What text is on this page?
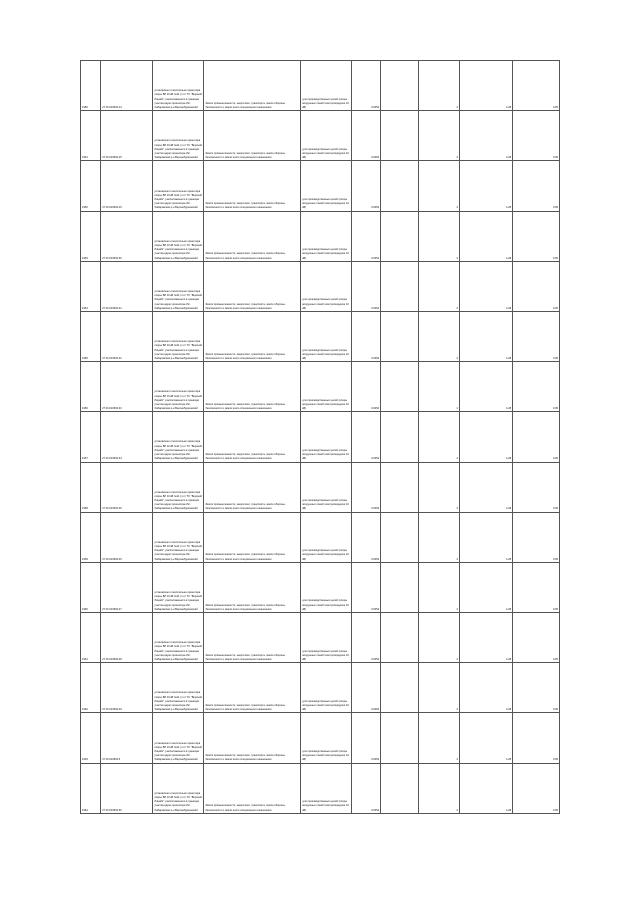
1950	27:01:010502:14	установлено относительно ориентира опоры ВЛ 10 кВ №11 (л от ТС "Верхний Лицайс", расположенного в границах участка адрес ориентира обл. Хабаровская р-н Верхнебуреинский	Земли промышленности, энергетики, транспорта, земли обороны, безопасности и земли иного специального назначения	для производственных целей (опоры воздушных линий электропередачи 10 кВ)	0.0054		4	4.28	0.05
1951	27:01:010502:15	установлено относительно ориентира опоры ВЛ 10 кВ №11 (л от ТС "Верхний Лицайс", расположенного в границах участка адрес ориентира обл. Хабаровская р-н Верхнебуреинский	Земли промышленности, энергетики, транспорта, земли обороны, безопасности и земли иного специального назначения	для производственных целей (опоры воздушных линий электропередачи 10 кВ)	0.0054		4	4.28	0.05
1952	27:01:010502:16	установлено относительно ориентира опоры ВЛ 10 кВ №11 (л от ТС "Верхний Лицайс", расположенного в границах участка адрес ориентира обл. Хабаровская р-н Верхнебуреинский	Земли промышленности, энергетики, транспорта, земли обороны, безопасности и земли иного специального назначения	для производственных целей (опоры воздушных линий электропередачи 10 кВ)	0.0054		4	4.28	0.05
1953	27:01:010502:20	установлено относительно ориентира опоры ВЛ 10 кВ №11 (л от ТС "Верхний Лицайс", расположенного в границах участка адрес ориентира обл. Хабаровская р-н Верхнебуреинский	Земли промышленности, энергетики, транспорта, земли обороны, безопасности и земли иного специального назначения	для производственных целей (опоры воздушных линий электропередачи 10 кВ)	0.0054		4	4.28	0.05
1954	27:01:010502:21	установлено относительно ориентира опоры ВЛ 10 кВ №11 (л от ТС "Верхний Лицайс", расположенного в границах участка адрес ориентира обл. Хабаровская р-н Верхнебуреинский	Земли промышленности, энергетики, транспорта, земли обороны, безопасности и земли иного специального назначения	для производственных целей (опоры воздушных линий электропередачи 10 кВ)	0.0054		4	4.28	0.05
1955	27:01:010502:22	установлено относительно ориентира опоры ВЛ 10 кВ №11 (л от ТС "Верхний Лицайс", расположенного в границах участка адрес ориентира обл. Хабаровская р-н Верхнебуреинский	Земли промышленности, энергетики, транспорта, земли обороны, безопасности и земли иного специального назначения	для производственных целей (опоры воздушных линий электропередачи 10 кВ)	0.0054		4	4.28	0.05
1956	27:01:010502:23	установлено относительно ориентира опоры ВЛ 10 кВ №11 (л от ТС "Верхний Лицайс", расположенного в границах участка адрес ориентира обл. Хабаровская р-н Верхнебуреинский	Земли промышленности, энергетики, транспорта, земли обороны, безопасности и земли иного специального назначения	для производственных целей (опоры воздушных линий электропередачи 10 кВ)	0.0054		4	4.28	0.05
1957	27:01:010502:24	установлено относительно ориентира опоры ВЛ 10 кВ №11 (л от ТС "Верхний Лицайс", расположенного в границах участка адрес ориентира обл. Хабаровская р-н Верхнебуреинский	Земли промышленности, энергетики, транспорта, земли обороны, безопасности и земли иного специального назначения	для производственных целей (опоры воздушных линий электропередачи 10 кВ)	0.0054		4	4.28	0.05
1958	27:01:010502:25	установлено относительно ориентира опоры ВЛ 10 кВ №11 (л от ТС "Верхний Лицайс", расположенного в границах участка адрес ориентира обл. Хабаровская р-н Верхнебуреинский	Земли промышленности, энергетики, транспорта, земли обороны, безопасности и земли иного специального назначения	для производственных целей (опоры воздушных линий электропередачи 10 кВ)	0.0054		4	4.28	0.05
1959	27:01:010502:26	установлено относительно ориентира опоры ВЛ 10 кВ №11 (л от ТС "Верхний Лицайс", расположенного в границах участка адрес ориентира обл. Хабаровская р-н Верхнебуреинский	Земли промышленности, энергетики, транспорта, земли обороны, безопасности и земли иного специального назначения	для производственных целей (опоры воздушных линий электропередачи 10 кВ)	0.0054		4	4.28	0.05
1960	27:01:010502:27	установлено относительно ориентира опоры ВЛ 10 кВ №11 (л от ТС "Верхний Лицайс", расположенного в границах участка адрес ориентира обл. Хабаровская р-н Верхнебуреинский	Земли промышленности, энергетики, транспорта, земли обороны, безопасности и земли иного специального назначения	для производственных целей (опоры воздушных линий электропередачи 10 кВ)	0.0054		4	4.28	0.05
1961	27:01:010502:28	установлено относительно ориентира опоры ВЛ 10 кВ №11 (л от ТС "Верхний Лицайс", расположенного в границах участка адрес ориентира обл. Хабаровская р-н Верхнебуреинский	Земли промышленности, энергетики, транспорта, земли обороны, безопасности и земли иного специального назначения	для производственных целей (опоры воздушных линий электропередачи 10 кВ)	0.0054		4	4.28	0.05
1962	27:01:010502:29	установлено относительно ориентира опоры ВЛ 10 кВ №11 (л от ТС "Верхний Лицайс", расположенного в границах участка адрес ориентира обл. Хабаровская р-н Верхнебуреинский	Земли промышленности, энергетики, транспорта, земли обороны, безопасности и земли иного специального назначения	для производственных целей (опоры воздушных линий электропередачи 10 кВ)	0.0054		4	4.28	0.05
1963	27:01:010502:3	установлено относительно ориентира опоры ВЛ 10 кВ №11 (л от ТС "Верхний Лицайс", расположенного в границах участка адрес ориентира обл. Хабаровская р-н Верхнебуреинский	Земли промышленности, энергетики, транспорта, земли обороны, безопасности и земли иного специального назначения	для производственных целей (опоры воздушных линий электропередачи 10 кВ)	0.0054		4	4.28	0.05
1964	27:01:010502:30	установлено относительно ориентира опоры ВЛ 10 кВ №11 (л от ТС "Верхний Лицайс", расположенного в границах участка адрес ориентира обл. Хабаровская р-н Верхнебуреинский	Земли промышленности, энергетики, транспорта, земли обороны, безопасности и земли иного специального назначения	для производственных целей (опоры воздушных линий электропередачи 10 кВ)	0.0054		4	4.28	0.05
